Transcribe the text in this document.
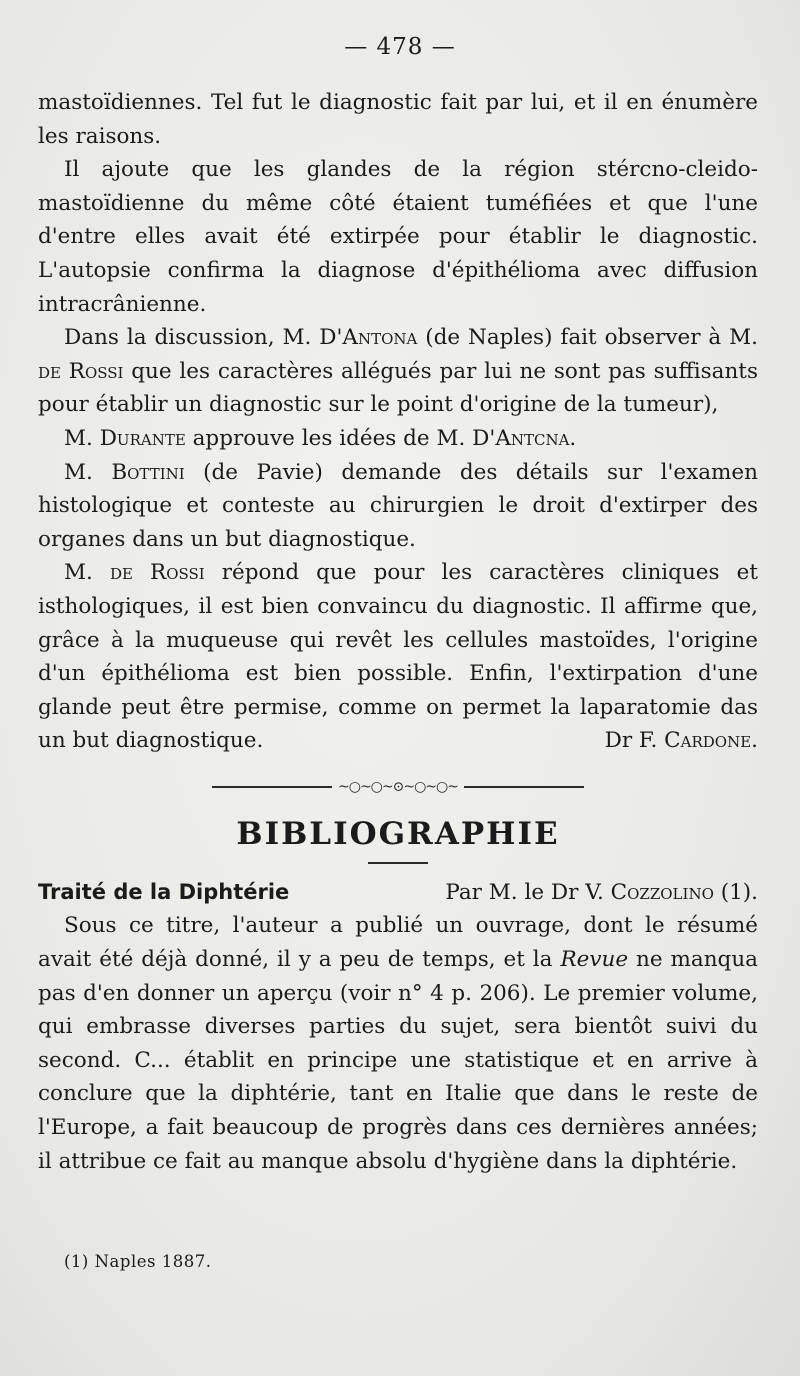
— 478 —

mastoïdiennes. Tel fut le diagnostic fait par lui, et il en énumère les raisons.

Il ajoute que les glandes de la région stércno-cleido-mastoïdienne du même côté étaient tuméfiées et que l'une d'entre elles avait été extirpée pour établir le diagnostic. L'autopsie confirma la diagnose d'épithélioma avec diffusion intracrânienne.

Dans la discussion, M. D'Antona (de Naples) fait observer à M. de Rossi que les caractères allégués par lui ne sont pas suffisants pour établir un diagnostic sur le point d'origine de la tumeur),

M. Durante approuve les idées de M. D'Antcna.

M. Bottini (de Pavie) demande des détails sur l'examen histologique et conteste au chirurgien le droit d'extirper des organes dans un but diagnostique.

M. de Rossi répond que pour les caractères cliniques et isthologiques, il est bien convaincu du diagnostic. Il affirme que, grâce à la muqueuse qui revêt les cellules mastoïdes, l'origine d'un épithélioma est bien possible. Enfin, l'extirpation d'une glande peut être permise, comme on permet la laparatomie das un but diagnostique.	Dr F. Cardone.

~○~○~⊙~○~○~
BIBLIOGRAPHIE

Traité de la Diphtérie	Par M. le Dr V. Cozzolino (1).

Sous ce titre, l'auteur a publié un ouvrage, dont le résumé avait été déjà donné, il y a peu de temps, et la Revue ne manqua pas d'en donner un aperçu (voir n° 4 p. 206). Le premier volume, qui embrasse diverses parties du sujet, sera bientôt suivi du second. C... établit en principe une statistique et en arrive à conclure que la diphtérie, tant en Italie que dans le reste de l'Europe, a fait beaucoup de progrès dans ces dernières années; il attribue ce fait au manque absolu d'hygiène dans la diphtérie.

(1) Naples 1887.
